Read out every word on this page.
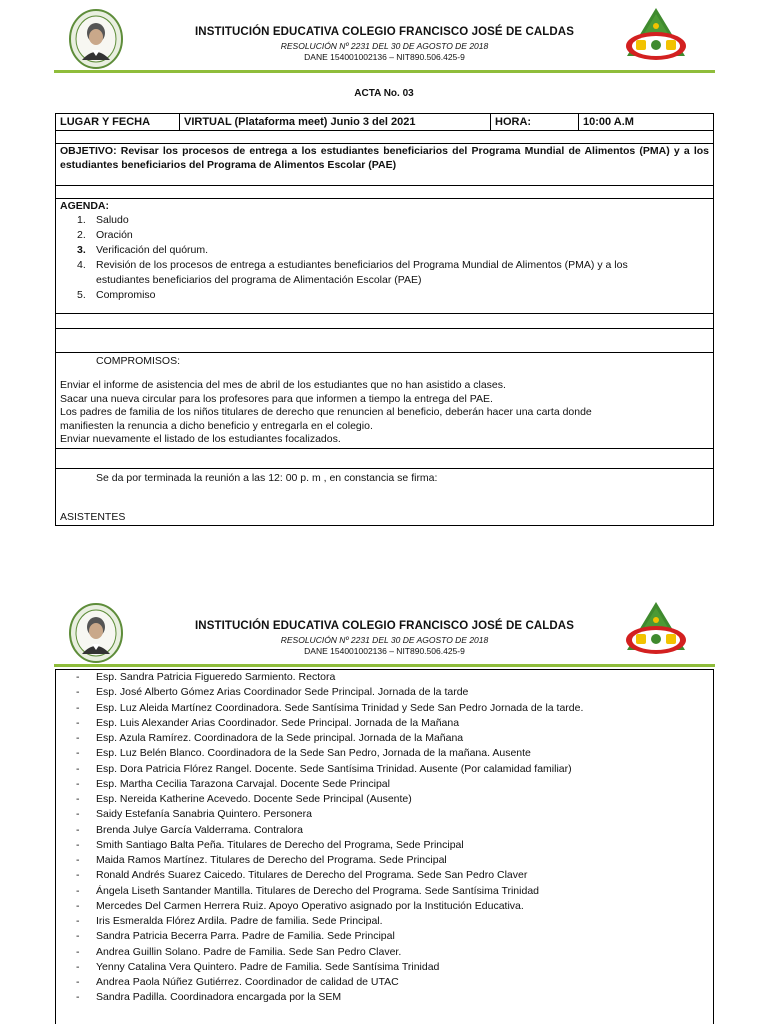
INSTITUCIÓN EDUCATIVA COLEGIO FRANCISCO JOSÉ DE CALDAS
RESOLUCIÓN Nº 2231 DEL 30 DE AGOSTO DE 2018
DANE 154001002136 – NIT890.506.425-9
ACTA No. 03
LUGAR Y FECHA	VIRTUAL (Plataforma meet) Junio 3 del 2021	HORA:	10:00 A.M
OBJETIVO: Revisar los procesos de entrega a los estudiantes beneficiarios del Programa Mundial de Alimentos (PMA) y a los estudiantes beneficiarios del Programa de Alimentos Escolar (PAE)
AGENDA:
1. Saludo
2. Oración
3. Verificación del quórum.
4. Revisión de los procesos de entrega a estudiantes beneficiarios del Programa Mundial de Alimentos (PMA) y a los
estudiantes beneficiarios del programa de Alimentación Escolar (PAE)
5. Compromiso
COMPROMISOS:
Enviar el informe de asistencia del mes de abril de los estudiantes que no han asistido a clases.
Sacar una nueva circular para los profesores para que informen a tiempo la entrega del PAE.
Los padres de familia de los niños titulares de derecho que renuncien al beneficio, deberán hacer una carta donde
manifiesten la renuncia a dicho beneficio y entregarla en el colegio.
Enviar nuevamente el listado de los estudiantes focalizados.
Se da por terminada la reunión a las 12: 00 p. m , en constancia se firma:
ASISTENTES
INSTITUCIÓN EDUCATIVA COLEGIO FRANCISCO JOSÉ DE CALDAS
RESOLUCIÓN Nº 2231 DEL 30 DE AGOSTO DE 2018
DANE 154001002136 – NIT890.506.425-9
- Esp. Sandra Patricia Figueredo Sarmiento. Rectora
- Esp. José Alberto Gómez Arias Coordinador Sede Principal. Jornada de la tarde
- Esp. Luz Aleida Martínez Coordinadora. Sede Santísima Trinidad y Sede San Pedro Jornada de la tarde.
- Esp. Luis Alexander Arias Coordinador. Sede Principal. Jornada de la Mañana
- Esp. Azula Ramírez. Coordinadora de la Sede principal. Jornada de la Mañana
- Esp. Luz Belén Blanco. Coordinadora de la Sede San Pedro, Jornada de la mañana. Ausente
- Esp. Dora Patricia Flórez Rangel. Docente. Sede Santísima Trinidad. Ausente (Por calamidad familiar)
- Esp. Martha Cecilia Tarazona Carvajal. Docente Sede Principal
- Esp. Nereida Katherine Acevedo. Docente Sede Principal (Ausente)
- Saidy Estefanía Sanabria Quintero. Personera
- Brenda Julye García Valderrama. Contralora
- Smith Santiago Balta Peña. Titulares de Derecho del Programa, Sede Principal
- Maida Ramos Martínez. Titulares de Derecho del Programa. Sede Principal
- Ronald Andrés Suarez Caicedo. Titulares de Derecho del Programa. Sede San Pedro Claver
- Ángela Liseth Santander Mantilla. Titulares de Derecho del Programa. Sede Santísima Trinidad
- Mercedes Del Carmen Herrera Ruiz. Apoyo Operativo asignado por la Institución Educativa.
- Iris Esmeralda Flórez Ardila. Padre de familia. Sede Principal.
- Sandra Patricia Becerra Parra. Padre de Familia. Sede Principal
- Andrea Guillin Solano. Padre de Familia. Sede San Pedro Claver.
- Yenny Catalina Vera Quintero. Padre de Familia. Sede Santísima Trinidad
- Andrea Paola Núñez Gutiérrez. Coordinador de calidad de UTAC
- Sandra Padilla. Coordinadora encargada por la SEM
